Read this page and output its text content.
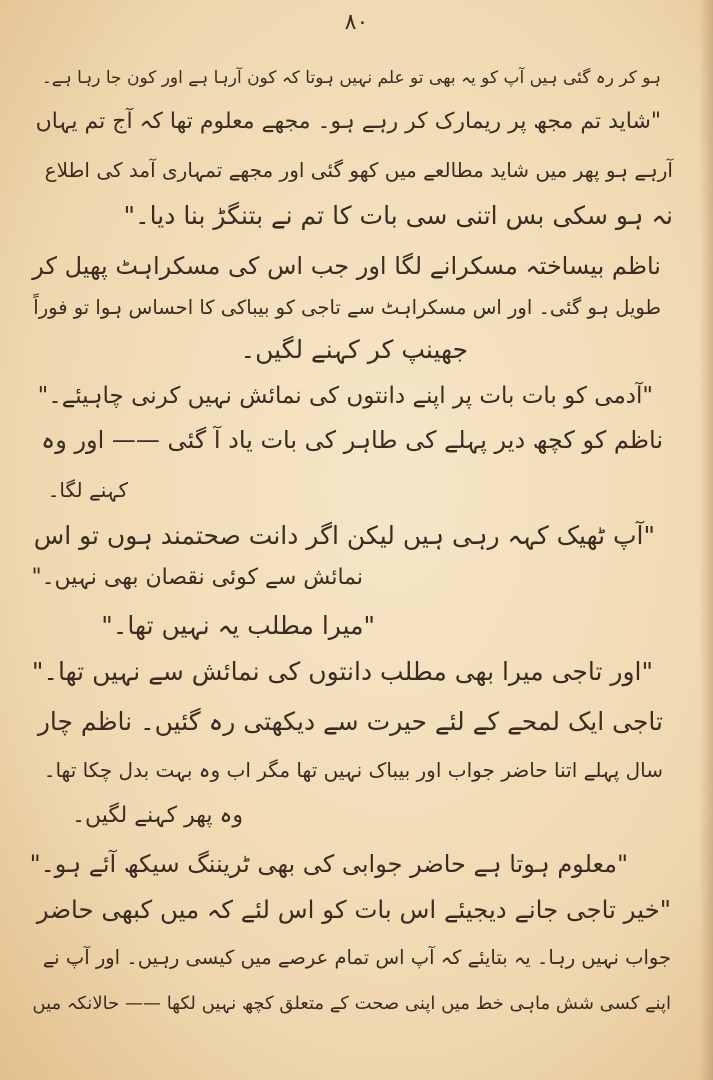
۸۰
ہو کر رہ گئی ہیں آپ کو یہ بھی تو علم نہیں ہوتا کہ کون آرہا ہے اور کون جا رہا ہے۔
"شاید تم مجھ پر ریمارک کر رہے ہو۔ مجھے معلوم تھا کہ آج تم یہاں
آرہے ہو پھر میں شاید مطالعے میں کھو گئی اور مجھے تمہاری آمد کی اطلاع
نہ ہو سکی بس اتنی سی بات کا تم نے بتنگڑ بنا دیا۔"
ناظم بیساختہ مسکرانے لگا اور جب اس کی مسکراہٹ پھیل کر
طویل ہو گئی۔ اور اس مسکراہٹ سے تاجی کو بیباکی کا احساس ہوا تو فوراً
جھینپ کر کہنے لگیں۔
"آدمی کو بات بات پر اپنے دانتوں کی نمائش نہیں کرنی چاہیئے۔"
ناظم کو کچھ دیر پہلے کی طاہر کی بات یاد آ گئی —— اور وہ
کہنے لگا۔
"آپ ٹھیک کہہ رہی ہیں لیکن اگر دانت صحتمند ہوں تو اس
نمائش سے کوئی نقصان بھی نہیں۔"
"میرا مطلب یہ نہیں تھا۔"
"اور تاجی میرا بھی مطلب دانتوں کی نمائش سے نہیں تھا۔"
تاجی ایک لمحے کے لئے حیرت سے دیکھتی رہ گئیں۔ ناظم چار
سال پہلے اتنا حاضر جواب اور بیباک نہیں تھا مگر اب وہ بہت بدل چکا تھا۔
وہ پھر کہنے لگیں۔
"معلوم ہوتا ہے حاضر جوابی کی بھی ٹریننگ سیکھ آئے ہو۔"
"خیر تاجی جانے دیجیئے اس بات کو اس لئے کہ میں کبھی حاضر
جواب نہیں رہا۔ یہ بتایئے کہ آپ اس تمام عرصے میں کیسی رہیں۔ اور آپ نے
اپنے کسی شش ماہی خط میں اپنی صحت کے متعلق کچھ نہیں لکھا —— حالانکہ میں
